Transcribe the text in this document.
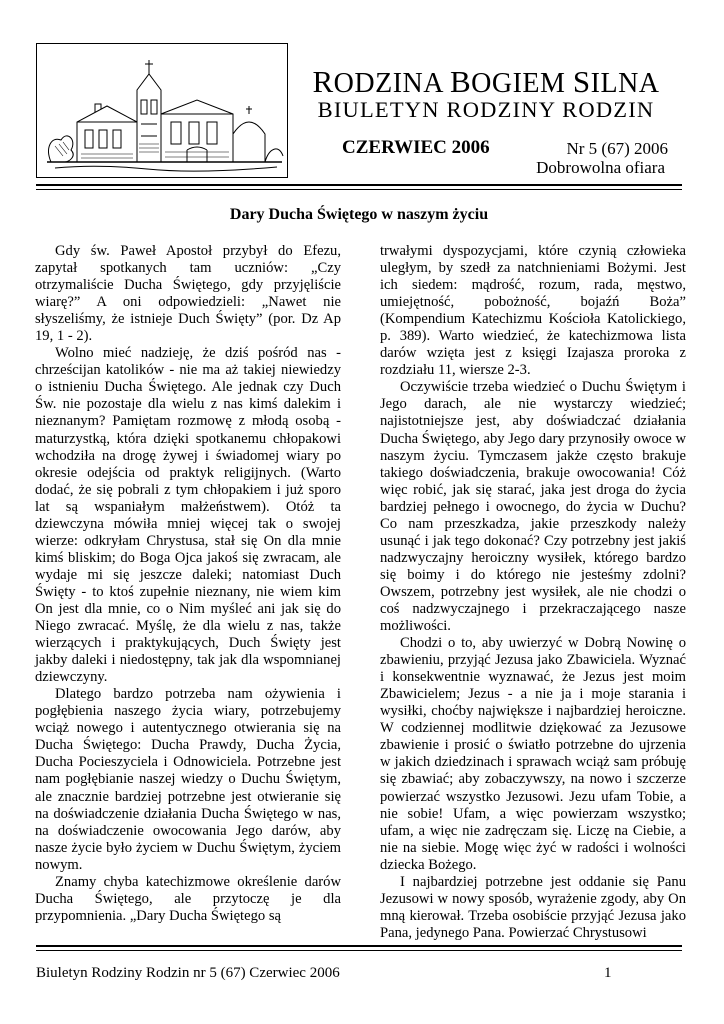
RODZINA BOGIEM SILNA
BIULETYN RODZINY RODZIN
CZERWIEC 2006	Nr 5 (67) 2006
Dobrowolna ofiara
Dary Ducha Świętego w naszym życiu

Gdy św. Paweł Apostoł przybył do Efezu, zapytał spotkanych tam uczniów: „Czy otrzymaliście Ducha Świętego, gdy przyjęliście wiarę?” A oni odpowiedzieli: „Nawet nie słyszeliśmy, że istnieje Duch Święty” (por. Dz Ap 19, 1 - 2).

Wolno mieć nadzieję, że dziś pośród nas - chrześcijan katolików - nie ma aż takiej niewiedzy o istnieniu Ducha Świętego. Ale jednak czy Duch Św. nie pozostaje dla wielu z nas kimś dalekim i nieznanym? Pamiętam rozmowę z młodą osobą - maturzystką, która dzięki spotkanemu chłopakowi wchodziła na drogę żywej i świadomej wiary po okresie odejścia od praktyk religijnych. (Warto dodać, że się pobrali z tym chłopakiem i już sporo lat są wspaniałym małżeństwem). Otóż ta dziewczyna mówiła mniej więcej tak o swojej wierze: odkryłam Chrystusa, stał się On dla mnie kimś bliskim; do Boga Ojca jakoś się zwracam, ale wydaje mi się jeszcze daleki; natomiast Duch Święty - to ktoś zupełnie nieznany, nie wiem kim On jest dla mnie, co o Nim myśleć ani jak się do Niego zwracać. Myślę, że dla wielu z nas, także wierzących i praktykujących, Duch Święty jest jakby daleki i niedostępny, tak jak dla wspomnianej dziewczyny.

Dlatego bardzo potrzeba nam ożywienia i pogłębienia naszego życia wiary, potrzebujemy wciąż nowego i autentycznego otwierania się na Ducha Świętego: Ducha Prawdy, Ducha Życia, Ducha Pocieszyciela i Odnowiciela. Potrzebne jest nam pogłębianie naszej wiedzy o Duchu Świętym, ale znacznie bardziej potrzebne jest otwieranie się na doświadczenie działania Ducha Świętego w nas, na doświadczenie owocowania Jego darów, aby nasze życie było życiem w Duchu Świętym, życiem nowym.

Znamy chyba katechizmowe określenie darów Ducha Świętego, ale przytoczę je dla przypomnienia. „Dary Ducha Świętego są

trwałymi dyspozycjami, które czynią człowieka uległym, by szedł za natchnieniami Bożymi. Jest ich siedem: mądrość, rozum, rada, męstwo, umiejętność, pobożność, bojaźń Boża” (Kompendium Katechizmu Kościoła Katolickiego, p. 389). Warto wiedzieć, że katechizmowa lista darów wzięta jest z księgi Izajasza proroka z rozdziału 11, wiersze 2-3.

Oczywiście trzeba wiedzieć o Duchu Świętym i Jego darach, ale nie wystarczy wiedzieć; najistotniejsze jest, aby doświadczać działania Ducha Świętego, aby Jego dary przynosiły owoce w naszym życiu. Tymczasem jakże często brakuje takiego doświadczenia, brakuje owocowania! Cóż więc robić, jak się starać, jaka jest droga do życia bardziej pełnego i owocnego, do życia w Duchu? Co nam przeszkadza, jakie przeszkody należy usunąć i jak tego dokonać? Czy potrzebny jest jakiś nadzwyczajny heroiczny wysiłek, którego bardzo się boimy i do którego nie jesteśmy zdolni? Owszem, potrzebny jest wysiłek, ale nie chodzi o coś nadzwyczajnego i przekraczającego nasze możliwości.

Chodzi o to, aby uwierzyć w Dobrą Nowinę o zbawieniu, przyjąć Jezusa jako Zbawiciela. Wyznać i konsekwentnie wyznawać, że Jezus jest moim Zbawicielem; Jezus - a nie ja i moje starania i wysiłki, choćby największe i najbardziej heroiczne. W codziennej modlitwie dziękować za Jezusowe zbawienie i prosić o światło potrzebne do ujrzenia w jakich dziedzinach i sprawach wciąż sam próbuję się zbawiać; aby zobaczywszy, na nowo i szczerze powierzać wszystko Jezusowi. Jezu ufam Tobie, a nie sobie! Ufam, a więc powierzam wszystko; ufam, a więc nie zadręczam się. Liczę na Ciebie, a nie na siebie. Mogę więc żyć w radości i wolności dziecka Bożego.

I najbardziej potrzebne jest oddanie się Panu Jezusowi w nowy sposób, wyrażenie zgody, aby On mną kierował. Trzeba osobiście przyjąć Jezusa jako Pana, jedynego Pana. Powierzać Chrystusowi

Biuletyn Rodziny Rodzin nr 5 (67) Czerwiec 2006	1
